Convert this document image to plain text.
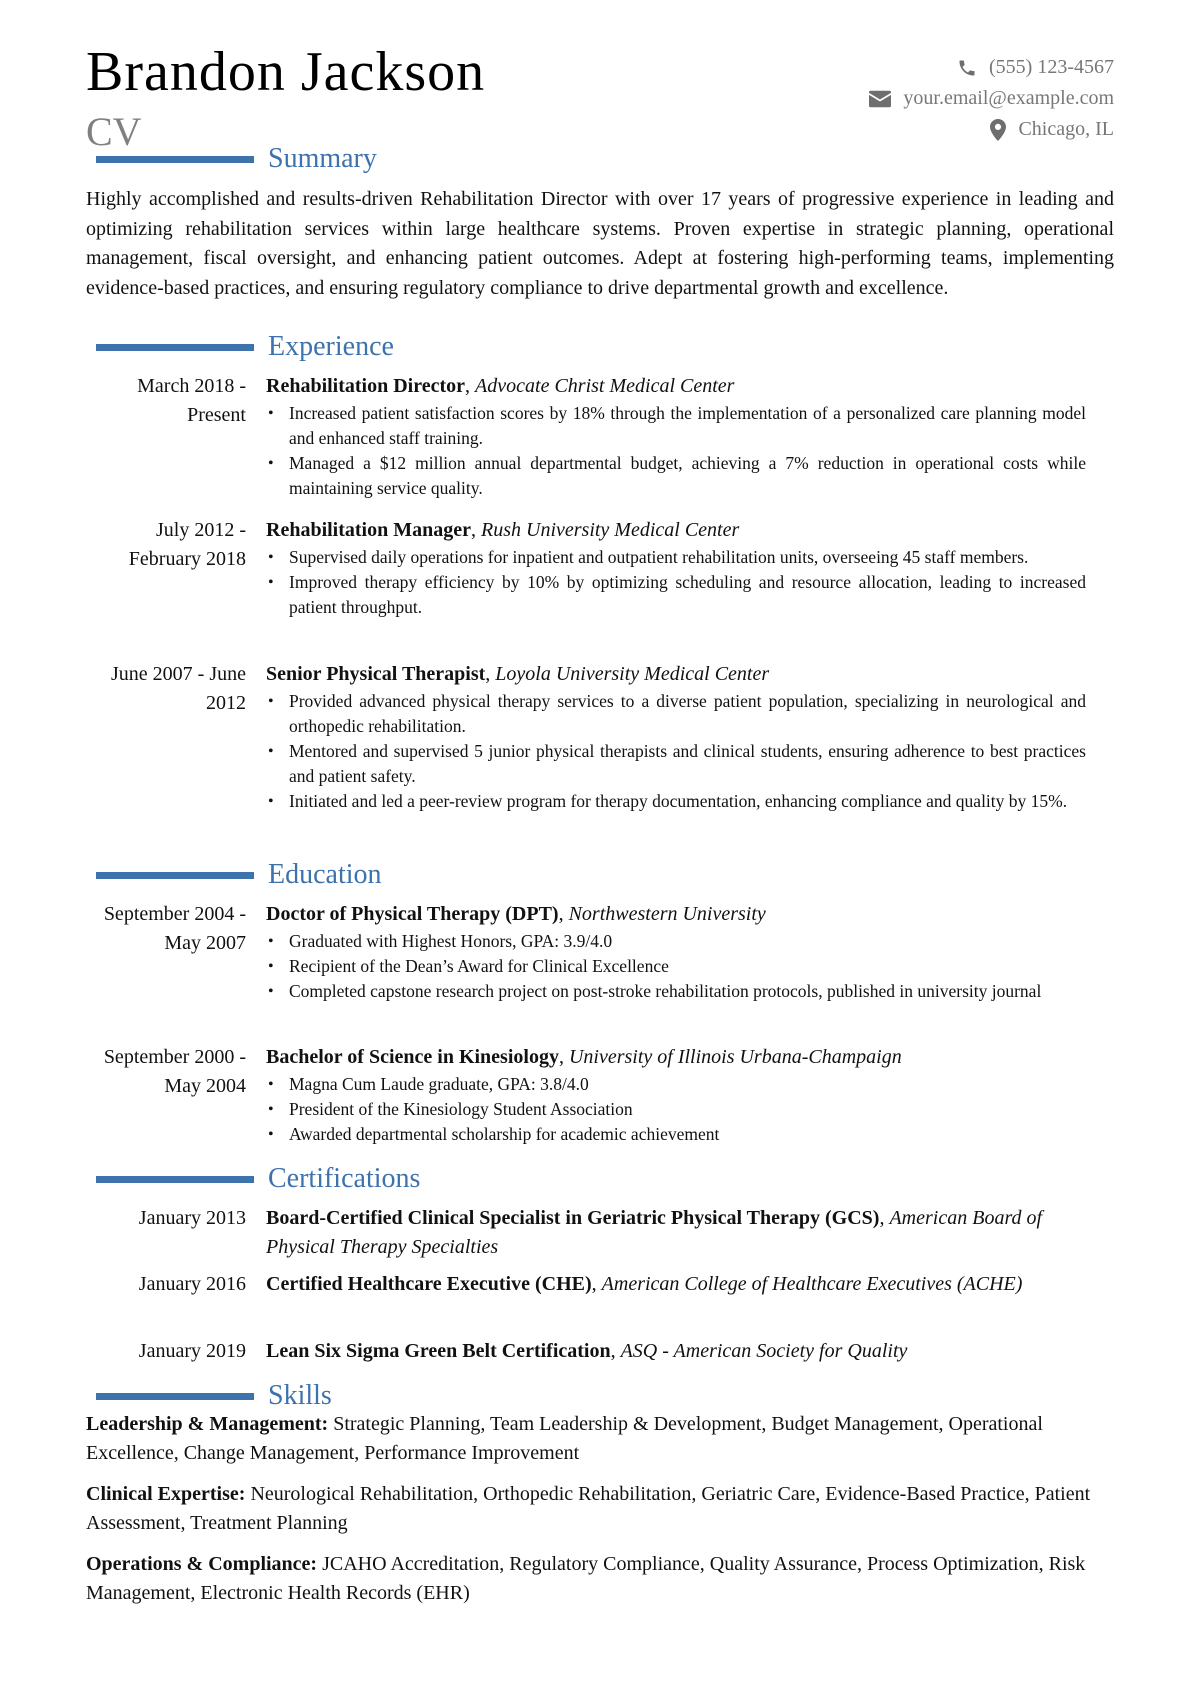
Brandon Jackson
CV
(555) 123-4567
your.email@example.com
Chicago, IL
Summary
Highly accomplished and results-driven Rehabilitation Director with over 17 years of progressive experience in leading and optimizing rehabilitation services within large healthcare systems. Proven expertise in strategic planning, operational management, fiscal oversight, and enhancing patient outcomes. Adept at fostering high-performing teams, implementing evidence-based practices, and ensuring regulatory compliance to drive departmental growth and excellence.
Experience
March 2018 - Present
Rehabilitation Director, Advocate Christ Medical Center
• Increased patient satisfaction scores by 18% through the implementation of a personalized care planning model and enhanced staff training.
• Managed a $12 million annual departmental budget, achieving a 7% reduction in operational costs while maintaining service quality.
July 2012 - February 2018
Rehabilitation Manager, Rush University Medical Center
• Supervised daily operations for inpatient and outpatient rehabilitation units, overseeing 45 staff members.
• Improved therapy efficiency by 10% by optimizing scheduling and resource allocation, leading to increased patient throughput.
June 2007 - June 2012
Senior Physical Therapist, Loyola University Medical Center
• Provided advanced physical therapy services to a diverse patient population, specializing in neurological and orthopedic rehabilitation.
• Mentored and supervised 5 junior physical therapists and clinical students, ensuring adherence to best practices and patient safety.
• Initiated and led a peer-review program for therapy documentation, enhancing compliance and quality by 15%.
Education
September 2004 - May 2007
Doctor of Physical Therapy (DPT), Northwestern University
• Graduated with Highest Honors, GPA: 3.9/4.0
• Recipient of the Dean’s Award for Clinical Excellence
• Completed capstone research project on post-stroke rehabilitation protocols, published in university journal
September 2000 - May 2004
Bachelor of Science in Kinesiology, University of Illinois Urbana-Champaign
• Magna Cum Laude graduate, GPA: 3.8/4.0
• President of the Kinesiology Student Association
• Awarded departmental scholarship for academic achievement
Certifications
January 2013 Board-Certified Clinical Specialist in Geriatric Physical Therapy (GCS), American Board of Physical Therapy Specialties
January 2016 Certified Healthcare Executive (CHE), American College of Healthcare Executives (ACHE)
January 2019 Lean Six Sigma Green Belt Certification, ASQ - American Society for Quality
Skills

Leadership & Management: Strategic Planning, Team Leadership & Development, Budget Management, Operational Excellence, Change Management, Performance Improvement

Clinical Expertise: Neurological Rehabilitation, Orthopedic Rehabilitation, Geriatric Care, Evidence-Based Practice, Patient Assessment, Treatment Planning

Operations & Compliance: JCAHO Accreditation, Regulatory Compliance, Quality Assurance, Process Optimization, Risk Management, Electronic Health Records (EHR)
